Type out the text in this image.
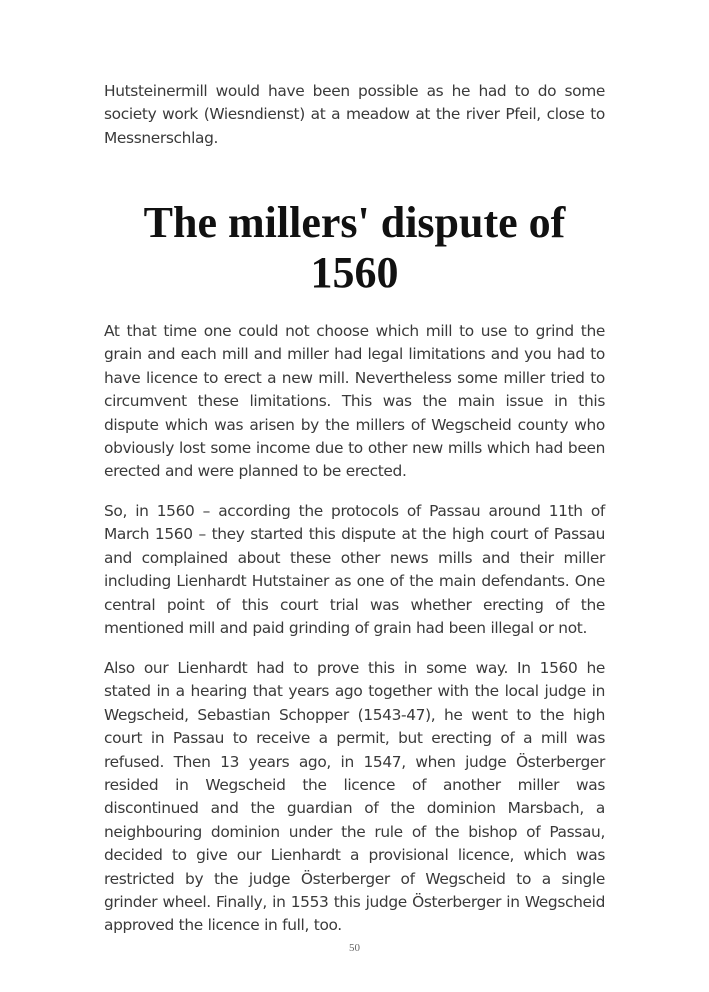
Hutsteinermill would have been possible as he had to do some society work (Wiesndienst) at a meadow at the river Pfeil, close to Messnerschlag.

The millers' dispute of 1560

At that time one could not choose which mill to use to grind the grain and each mill and miller had legal limitations and you had to have licence to erect a new mill. Nevertheless some miller tried to circumvent these limitations. This was the main issue in this dispute which was arisen by the millers of Wegscheid county who obviously lost some income due to other new mills which had been erected and were planned to be erected.

So, in 1560 – according the protocols of Passau around 11th of March 1560 – they started this dispute at the high court of Passau and complained about these other news mills and their miller including Lienhardt Hutstainer as one of the main defendants. One central point of this court trial was whether erecting of the mentioned mill and paid grinding of grain had been illegal or not.

Also our Lienhardt had to prove this in some way. In 1560 he stated in a hearing that years ago together with the local judge in Wegscheid, Sebastian Schopper (1543-47), he went to the high court in Passau to receive a permit, but erecting of a mill was refused. Then 13 years ago, in 1547, when judge Österberger resided in Wegscheid the licence of another miller was discontinued and the guardian of the dominion Marsbach, a neighbouring dominion under the rule of the bishop of Passau, decided to give our Lienhardt a provisional licence, which was restricted by the judge Österberger of Wegscheid to a single grinder wheel. Finally, in 1553 this judge Österberger in Wegscheid approved the licence in full, too.

50
